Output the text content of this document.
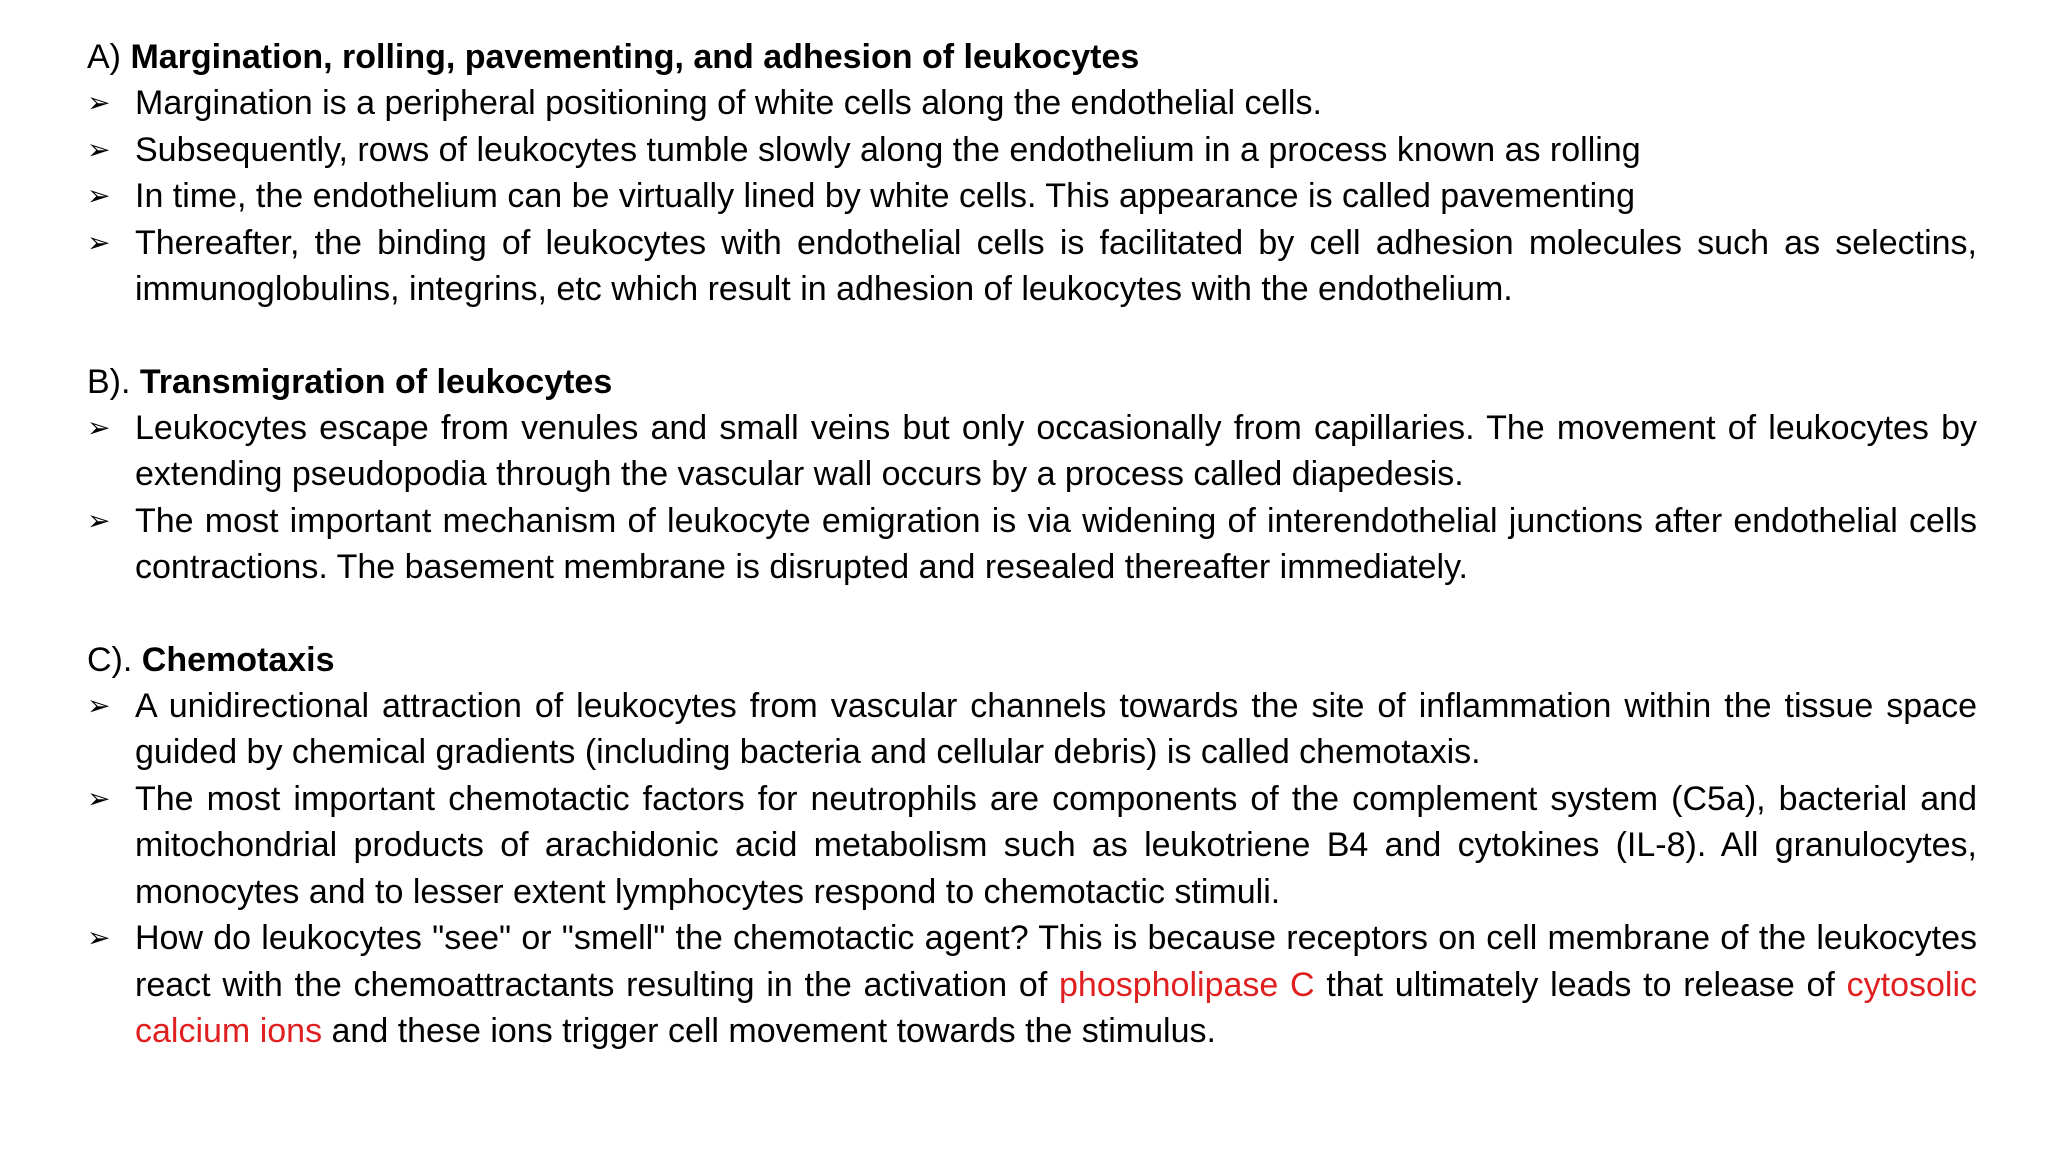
A) Margination, rolling, pavementing, and adhesion of leukocytes
➢ Margination is a peripheral positioning of white cells along the endothelial cells.
➢ Subsequently, rows of leukocytes tumble slowly along the endothelium in a process known as rolling
➢ In time, the endothelium can be virtually lined by white cells. This appearance is called pavementing
➢ Thereafter, the binding of leukocytes with endothelial cells is facilitated by cell adhesion molecules such as selectins, immunoglobulins, integrins, etc which result in adhesion of leukocytes with the endothelium.
B). Transmigration of leukocytes
➢ Leukocytes escape from venules and small veins but only occasionally from capillaries. The movement of leukocytes by extending pseudopodia through the vascular wall occurs by a process called diapedesis.
➢ The most important mechanism of leukocyte emigration is via widening of interendothelial junctions after endothelial cells contractions. The basement membrane is disrupted and resealed thereafter immediately.
C). Chemotaxis
➢ A unidirectional attraction of leukocytes from vascular channels towards the site of inflammation within the tissue space guided by chemical gradients (including bacteria and cellular debris) is called chemotaxis.
➢ The most important chemotactic factors for neutrophils are components of the complement system (C5a), bacterial and mitochondrial products of arachidonic acid metabolism such as leukotriene B4 and cytokines (IL-8). All granulocytes, monocytes and to lesser extent lymphocytes respond to chemotactic stimuli.
➢ How do leukocytes "see" or "smell" the chemotactic agent? This is because receptors on cell membrane of the leukocytes react with the chemoattractants resulting in the activation of phospholipase C that ultimately leads to release of cytosolic calcium ions and these ions trigger cell movement towards the stimulus.
